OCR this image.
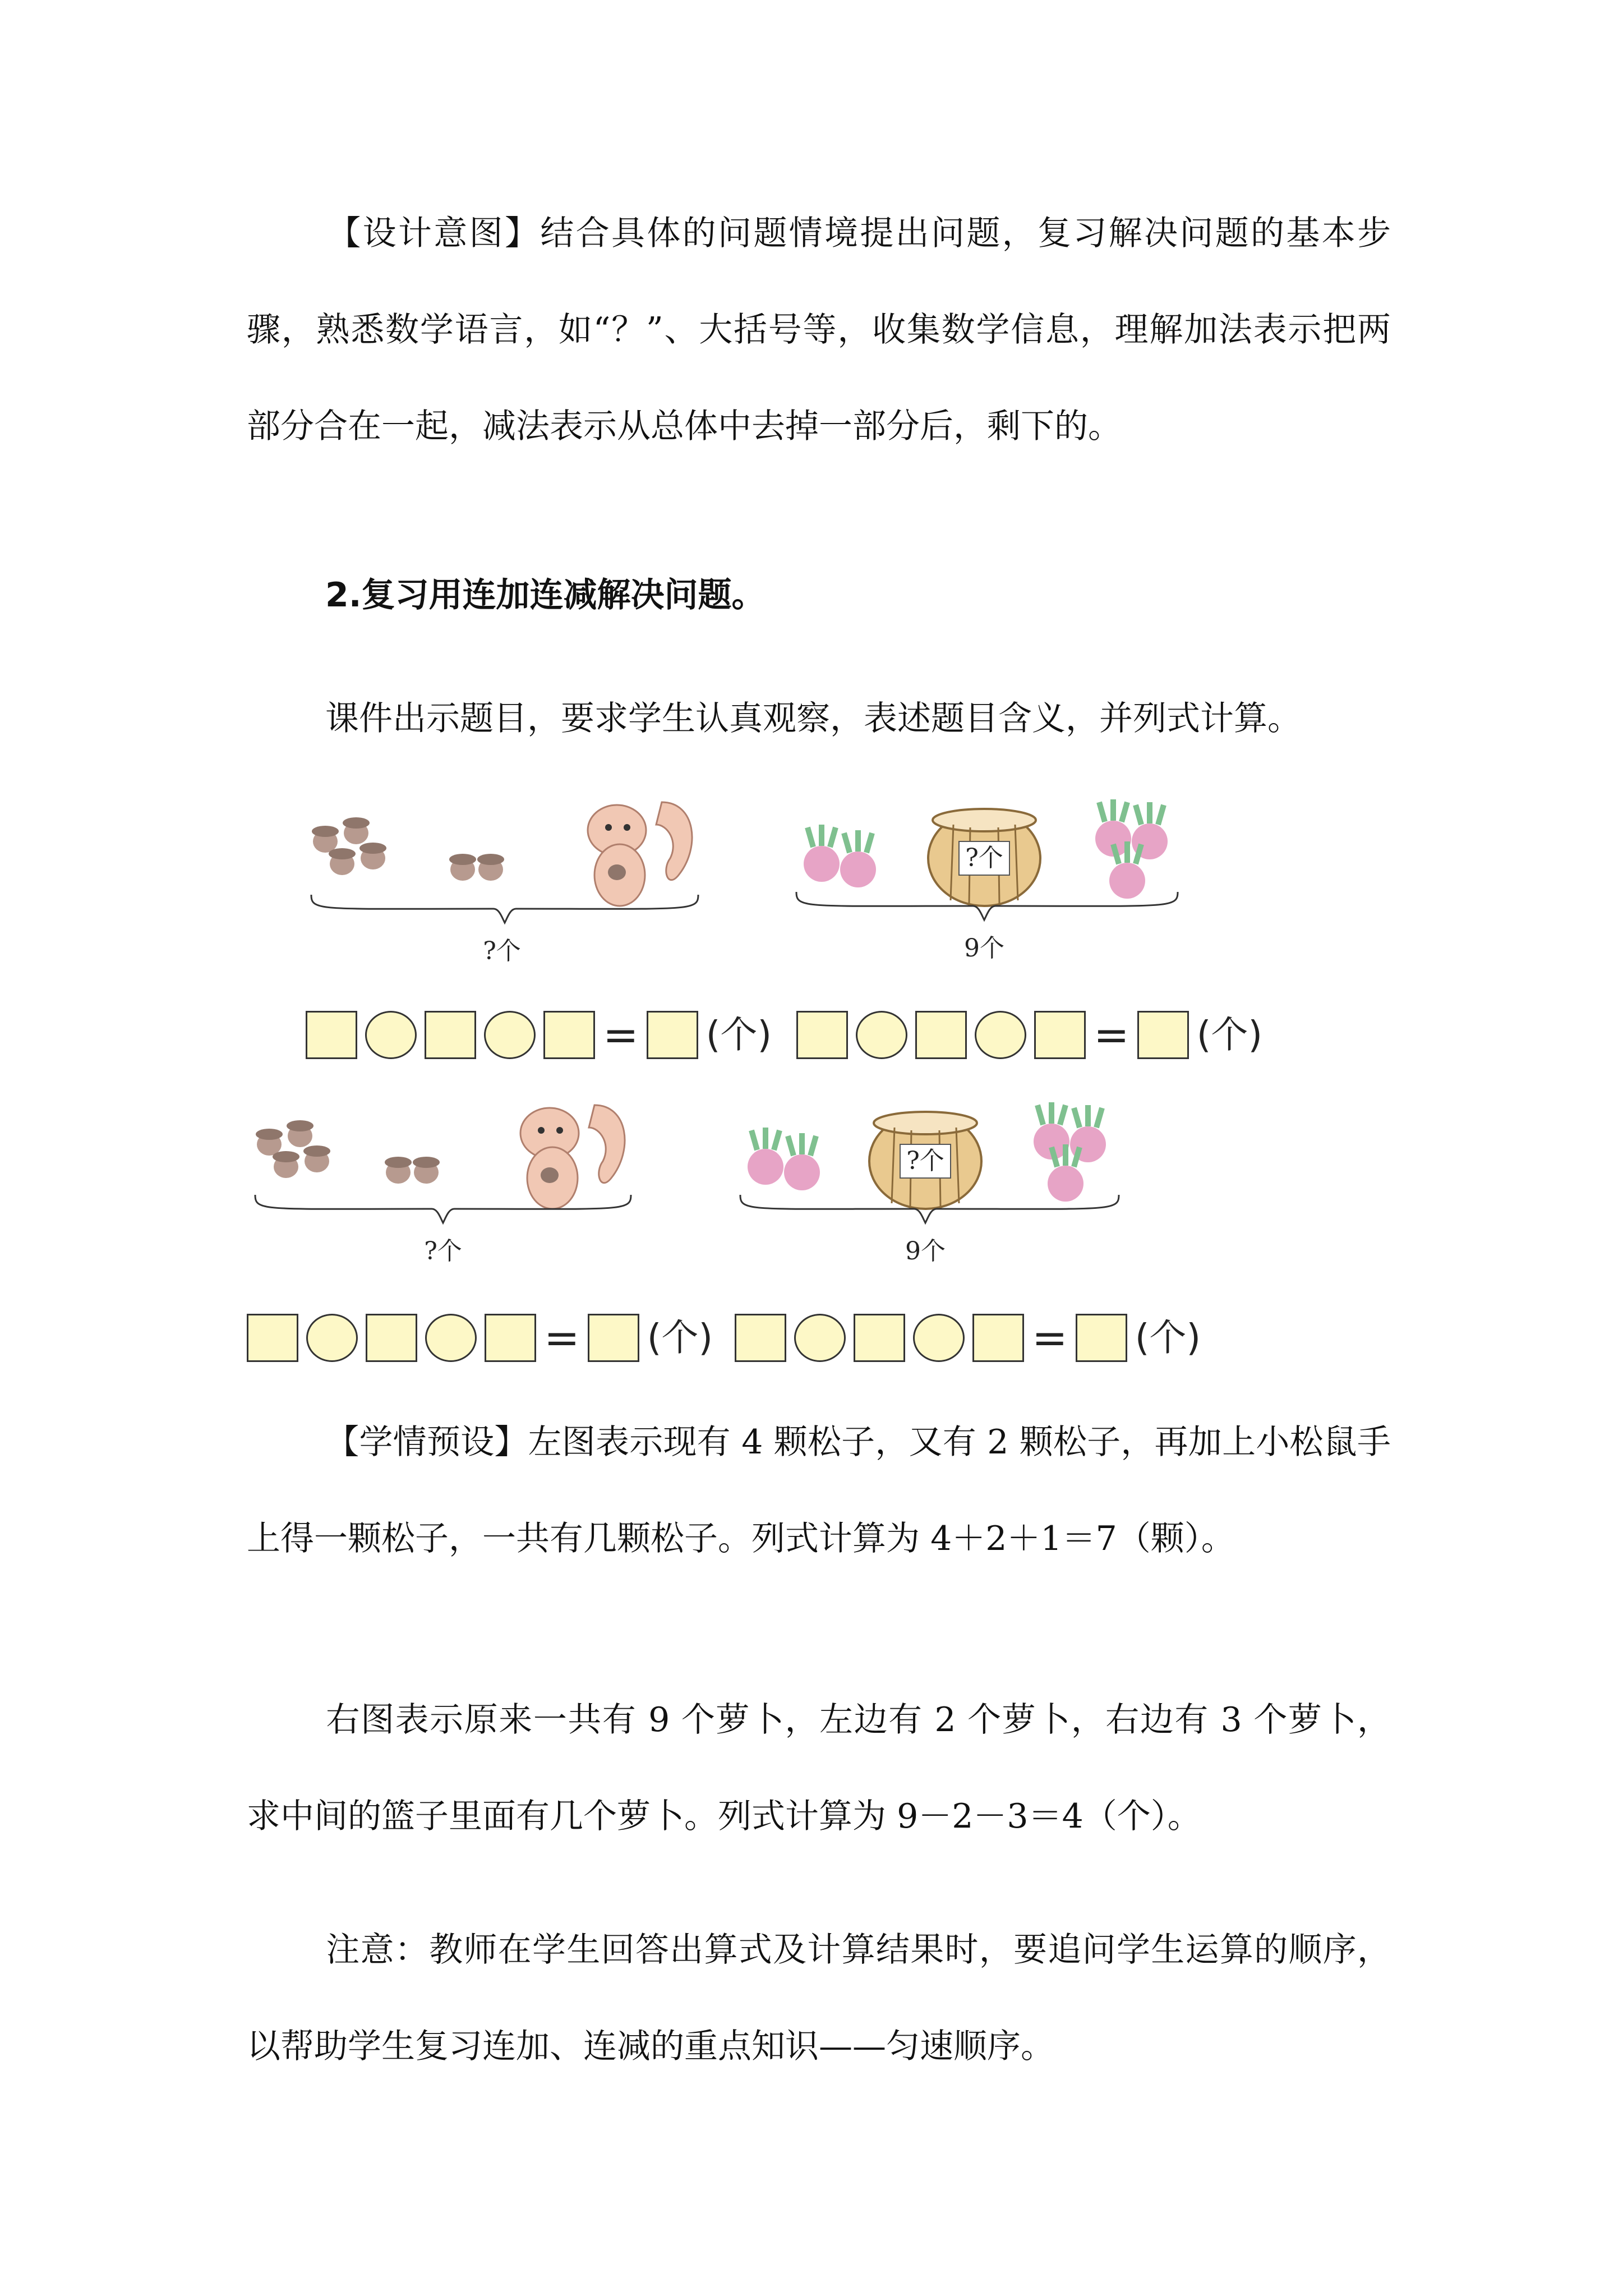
【设计意图】结合具体的问题情境提出问题，复习解决问题的基本步骤，熟悉数学语言，如“？”、大括号等，收集数学信息，理解加法表示把两部分合在一起，减法表示从总体中去掉一部分后，剩下的。

2.复习用连加连减解决问题。

课件出示题目，要求学生认真观察，表述题目含义，并列式计算。

?个
?个
9个
= (个)	= (个)
?个
?个
9个
= (个)	= (个)

【学情预设】左图表示现有 4 颗松子，又有 2 颗松子，再加上小松鼠手上得一颗松子，一共有几颗松子。列式计算为 4＋2＋1＝7（颗）。

右图表示原来一共有 9 个萝卜，左边有 2 个萝卜，右边有 3 个萝卜，求中间的篮子里面有几个萝卜。列式计算为 9－2－3＝4（个）。

注意：教师在学生回答出算式及计算结果时，要追问学生运算的顺序，以帮助学生复习连加、连减的重点知识——匀速顺序。
